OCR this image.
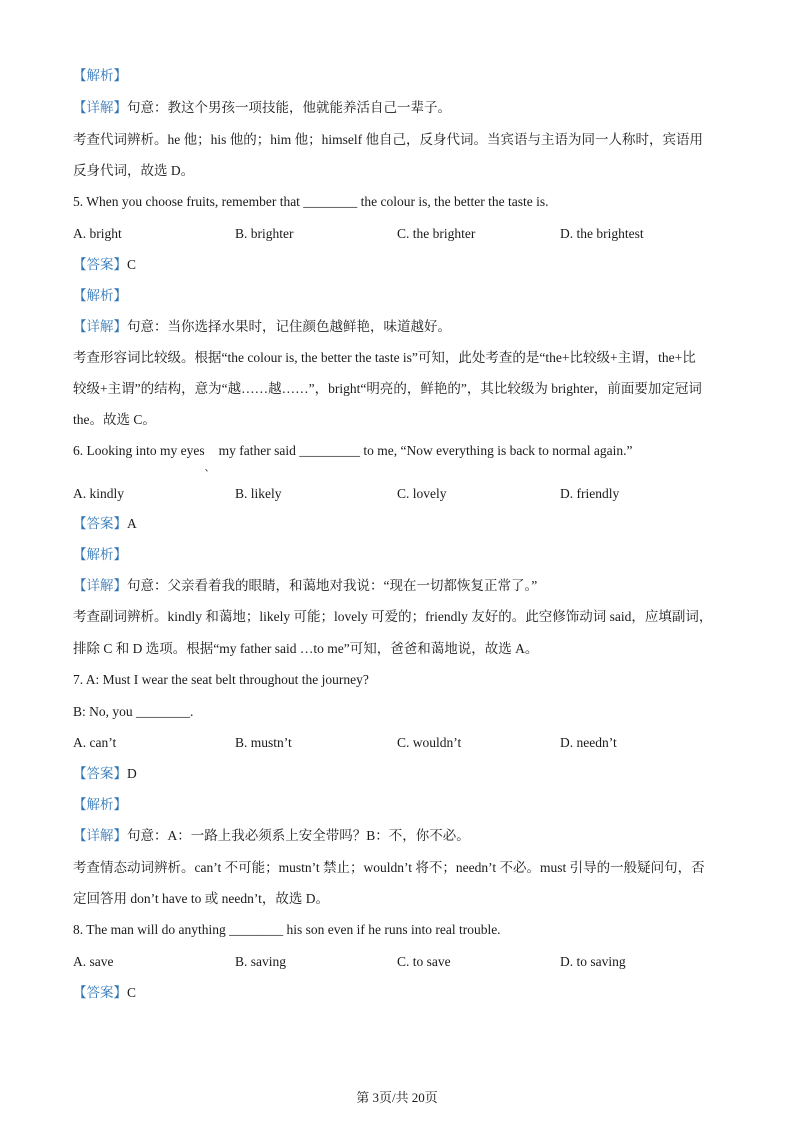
【解析】
【详解】句意：教这个男孩一项技能，他就能养活自己一辈子。
考查代词辨析。he 他；his 他的；him 他；himself 他自己，反身代词。当宾语与主语为同一人称时，宾语用
反身代词，故选 D。
5. When you choose fruits, remember that ________ the colour is, the better the taste is.
A. bright	B. brighter	C. the brighter	D. the brightest
【答案】C
【解析】
【详解】句意：当你选择水果时，记住颜色越鲜艳，味道越好。
考查形容词比较级。根据“the colour is, the better the taste is”可知，此处考查的是“the+比较级+主谓，the+比
较级+主谓”的结构，意为“越……越……”，bright“明亮的，鲜艳的”，其比较级为 brighter，前面要加定冠词
the。故选 C。
6. Looking into my eyes
、
my father said _________ to me, “Now everything is back to normal again.”
A. kindly	B. likely	C. lovely	D. friendly
【答案】A
【解析】
【详解】句意：父亲看着我的眼睛，和蔼地对我说：“现在一切都恢复正常了。”
考查副词辨析。kindly 和蔼地；likely 可能；lovely 可爱的；friendly 友好的。此空修饰动词 said，应填副词，
排除 C 和 D 选项。根据“my father said …to me”可知，爸爸和蔼地说，故选 A。
7. A: Must I wear the seat belt throughout the journey?
B: No, you ________.
A. can’t	B. mustn’t	C. wouldn’t	D. needn’t
【答案】D
【解析】
【详解】句意：A：一路上我必须系上安全带吗？B：不，你不必。
考查情态动词辨析。can’t 不可能；mustn’t 禁止；wouldn’t 将不；needn’t 不必。must 引导的一般疑问句，否
定回答用 don’t have to 或 needn’t，故选 D。
8. The man will do anything ________ his son even if he runs into real trouble.
A. save	B. saving	C. to save	D. to saving
【答案】C
第 3页/共 20页
